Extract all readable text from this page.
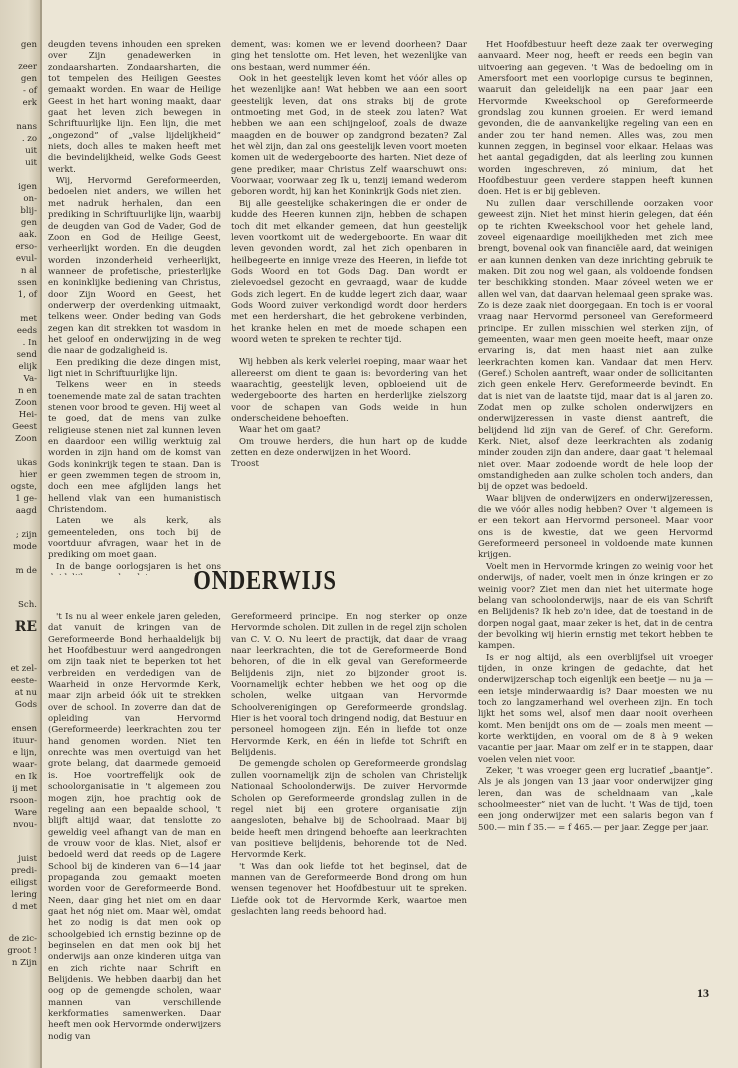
gen
zeer
gen
- of
erk
nans
. zo
uit
uit
igen
on-
blij-
gen
aak.
erso-
evul-
n al
ssen
1, of
met
eeds
. In
send
elijk
Va-
n en
Zoon
Hei-
Geest
Zoon
ukas
hier
ogste,
1 ge-
aagd
; zijn
mode
m de
Sch.
RE
et zel-
eeste-
at nu
Gods
ensen
ituur-
e lijn,
waar-
en Ik
ij met
rsoon-
Ware
nvou-
juist
predi-
eiligst
lering
d met
de zic-
groot !
n Zijn

deugden tevens inhouden een spreken over Zijn genadewerken in zondaarsharten. Zondaarsharten, die tot tempelen des Heiligen Geestes gemaakt worden. En waar de Heilige Geest in het hart woning maakt, daar gaat het leven zich bewegen in Schriftuurlijke lijn. Een lijn, die met „ongezond” of „valse lijdelijkheid” niets, doch alles te maken heeft met die bevindelijkheid, welke Gods Geest werkt.

Wij, Hervormd Gereformeerden, bedoelen niet anders, we willen het met nadruk herhalen, dan een prediking in Schriftuurlijke lijn, waarbij de deugden van God de Vader, God de Zoon en God de Heilige Geest, verheerlijkt worden. En die deugden worden inzonderheid verheerlijkt, wanneer de profetische, priesterlijke en koninklijke bediening van Christus, door Zijn Woord en Geest, het onderwerp der overdenking uitmaakt, telkens weer. Onder beding van Gods zegen kan dit strekken tot wasdom in het geloof en onderwijzing in de weg die naar de godzaligheid is.

Een prediking die deze dingen mist, ligt niet in Schriftuurlijke lijn.

Telkens weer en in steeds toenemende mate zal de satan trachten stenen voor brood te geven. Hij weet al te goed, dat de mens van zulke religieuse stenen niet zal kunnen leven en daardoor een willig werktuig zal worden in zijn hand om de komst van Gods koninkrijk tegen te staan. Dan is er geen zwemmen tegen de stroom in, doch een mee afglijden langs het hellend vlak van een humanistisch Christendom.

Laten we als kerk, als gemeenteleden, ons toch bij de voortduur afvragen, waar het in de prediking om moet gaan.

In de bange oorlogsjaren is het ons

dement, was: komen we er levend doorheen? Daar ging het tenslotte om. Het leven, het wezenlijke van ons bestaan, werd nummer één.

Ook in het geestelijk leven komt het vóór alles op het wezenlijke aan! Wat hebben we aan een soort geestelijk leven, dat ons straks bij de grote ontmoeting met God, in de steek zou laten? Wat hebben we aan een schijngeloof, zoals de dwaze maagden en de bouwer op zandgrond bezaten? Zal het wèl zijn, dan zal ons geestelijk leven voort moeten komen uit de wedergeboorte des harten. Niet deze of gene prediker, maar Christus Zelf waarschuwt ons: Voorwaar, voorwaar zeg Ik u, tenzij iemand wederom geboren wordt, hij kan het Koninkrijk Gods niet zien.

Bij alle geestelijke schakeringen die er onder de kudde des Heeren kunnen zijn, hebben de schapen toch dit met elkander gemeen, dat hun geestelijk leven voortkomt uit de wedergeboorte. En waar dit leven gevonden wordt, zal het zich openbaren in heilbegeerte en innige vreze des Heeren, in liefde tot Gods Woord en tot Gods Dag. Dan wordt er zielevoedsel gezocht en gevraagd, waar de kudde Gods zich legert. En de kudde legert zich daar, waar Gods Woord zuiver verkondigd wordt door herders met een herdershart, die het gebrokene verbinden, het kranke helen en met de moede schapen een woord weten te spreken te rechter tijd.

Wij hebben als kerk velerlei roeping, maar waar het allereerst om dient te gaan is: bevordering van het waarachtig, geestelijk leven, opbloeiend uit de wedergeboorte des harten en herderlijke zielszorg voor de schapen van Gods weide in hun onderscheidene behoeften.

Waar het om gaat?

Om trouwe herders, die hun hart op de kudde zetten en deze onderwijzen in het Woord.

Troost

ONDERWIJS

't Is nu al weer enkele jaren geleden, dat vanuit de kringen van de Gereformeerde Bond herhaaldelijk bij het Hoofdbestuur werd aangedrongen om zijn taak niet te beperken tot het verbreiden en verdedigen van de Waarheid in onze Hervormde Kerk, maar zijn arbeid óók uit te strekken over de school. In zoverre dan dat de opleiding van Hervormd (Gereformeerde) leerkrachten zou ter hand genomen worden. Niet ten onrechte was men overtuigd van het grote belang, dat daarmede gemoeid is. Hoe voortreffelijk ook de schoolorganisatie in 't algemeen zou mogen zijn, hoe prachtig ook de regeling aan een bepaalde school, 't blijft altijd waar, dat tenslotte zo geweldig veel afhangt van de man en de vrouw voor de klas. Niet, alsof er bedoeld werd dat reeds op de Lagere School bij de kinderen van 6—14 jaar propaganda zou gemaakt moeten worden voor de Gereformeerde Bond. Neen, daar ging het niet om en daar gaat het nóg niet om. Maar wèl, omdat het zo nodig is dat men ook op schoolgebied ich ernstig bezinne op de beginselen en dat men ook bij het onderwijs aan onze kinderen uitga van en zich richte naar Schrift en Belijdenis. We hebben daarbij dan het oog op de gemengde scholen, waar mannen van verschillende kerkformaties samenwerken. Daar heeft men ook Hervormde onderwijzers nodig van

Gereformeerd principe. En nog sterker op onze Hervormde scholen. Dit zullen in de regel zijn scholen van C. V. O. Nu leert de practijk, dat daar de vraag naar leerkrachten, die tot de Gereformeerde Bond behoren, of die in elk geval van Gereformeerde Belijdenis zijn, niet zo bijzonder groot is. Voornamelijk echter hebben we het oog op die scholen, welke uitgaan van Hervormde Schoolverenigingen op Gereformeerde grondslag. Hier is het vooral toch dringend nodig, dat Bestuur en personeel homogeen zijn. Eén in liefde tot onze Hervormde Kerk, en één in liefde tot Schrift en Belijdenis.

De gemengde scholen op Gereformeerde grondslag zullen voornamelijk zijn de scholen van Christelijk Nationaal Schoolonderwijs. De zuiver Hervormde Scholen op Gereformeerde grondslag zullen in de regel niet bij een grotere organisatie zijn aangesloten, behalve bij de Schoolraad. Maar bij beide heeft men dringend behoefte aan leerkrachten van positieve belijdenis, behorende tot de Ned. Hervormde Kerk.

't Was dan ook liefde tot het beginsel, dat de mannen van de Gereformeerde Bond drong om hun wensen tegenover het Hoofdbestuur uit te spreken. Liefde ook tot de Hervormde Kerk, waartoe men geslachten lang reeds behoord had.

Het Hoofdbestuur heeft deze zaak ter overweging aanvaard. Meer nog, heeft er reeds een begin van uitvoering aan gegeven. 't Was de bedoeling om in Amersfoort met een voorlopige cursus te beginnen, waaruit dan geleidelijk na een paar jaar een Hervormde Kweekschool op Gereformeerde grondslag zou kunnen groeien. Er werd iemand gevonden, die de aanvankelijke regeling van een en ander zou ter hand nemen. Alles was, zou men kunnen zeggen, in beginsel voor elkaar. Helaas was het aantal gegadigden, dat als leerling zou kunnen worden ingeschreven, zó minium, dat het Hoofdbestuur geen verdere stappen heeft kunnen doen. Het is er bij gebleven.

Nu zullen daar verschillende oorzaken voor geweest zijn. Niet het minst hierin gelegen, dat één op te richten Kweekschool voor het gehele land, zoveel eigenaardige moeilijkheden met zich mee brengt, bovenal ook van financiële aard, dat weinigen er aan kunnen denken van deze inrichting gebruik te maken. Dit zou nog wel gaan, als voldoende fondsen ter beschikking stonden. Maar zóveel weten we er allen wel van, dat daarvan helemaal geen sprake was. Zo is deze zaak niet doorgegaan. En toch is er vooral vraag naar Hervormd personeel van Gereformeerd principe. Er zullen misschien wel sterken zijn, of gemeenten, waar men geen moeite heeft, maar onze ervaring is, dat men haast niet aan zulke leerkrachten komen kan. Vandaar dat men Herv. (Geref.) Scholen aantreft, waar onder de sollicitanten zich geen enkele Herv. Gereformeerde bevindt. En dat is niet van de laatste tijd, maar dat is al jaren zo. Zodat men op zulke scholen onderwijzers en onderwijzeressen in vaste dienst aantreft, die belijdend lid zijn van de Geref. of Chr. Gereform. Kerk. Niet, alsof deze leerkrachten als zodanig minder zouden zijn dan andere, daar gaat 't helemaal niet over. Maar zodoende wordt de hele loop der omstandigheden aan zulke scholen toch anders, dan bij de opzet was bedoeld.

Waar blijven de onderwijzers en onderwijzeressen, die we vóór alles nodig hebben? Over 't algemeen is er een tekort aan Hervormd personeel. Maar voor ons is de kwestie, dat we geen Hervormd Gereformeerd personeel in voldoende mate kunnen krijgen.

Voelt men in Hervormde kringen zo weinig voor het onderwijs, of nader, voelt men in ónze kringen er zo weinig voor? Ziet men dan niet het uitermate hoge belang van schoolonderwijs, naar de eis van Schrift en Belijdenis? Ik heb zo'n idee, dat de toestand in de dorpen nogal gaat, maar zeker is het, dat in de centra der bevolking wij hierin ernstig met tekort hebben te kampen.

Is er nog altijd, als een overblijfsel uit vroeger tijden, in onze kringen de gedachte, dat het onderwijzerschap toch eigenlijk een beetje — nu ja — een ietsje minderwaardig is? Daar moesten we nu toch zo langzamerhand wel overheen zijn. En toch lijkt het soms wel, alsof men daar nooit overheen komt. Men benijdt ons om de — zoals men meent — korte werktijden, en vooral om de 8 à 9 weken vacantie per jaar. Maar om zelf er in te stappen, daar voelen velen niet voor.

Zeker, 't was vroeger geen erg lucratief „baantje”. Als je als jongen van 13 jaar voor onderwijzer ging leren, dan was de scheldnaam van „kale schoolmeester” niet van de lucht. 't Was de tijd, toen een jong onderwijzer met een salaris begon van f 500.— min f 35.— = f 465.— per jaar. Zegge per jaar.

13
